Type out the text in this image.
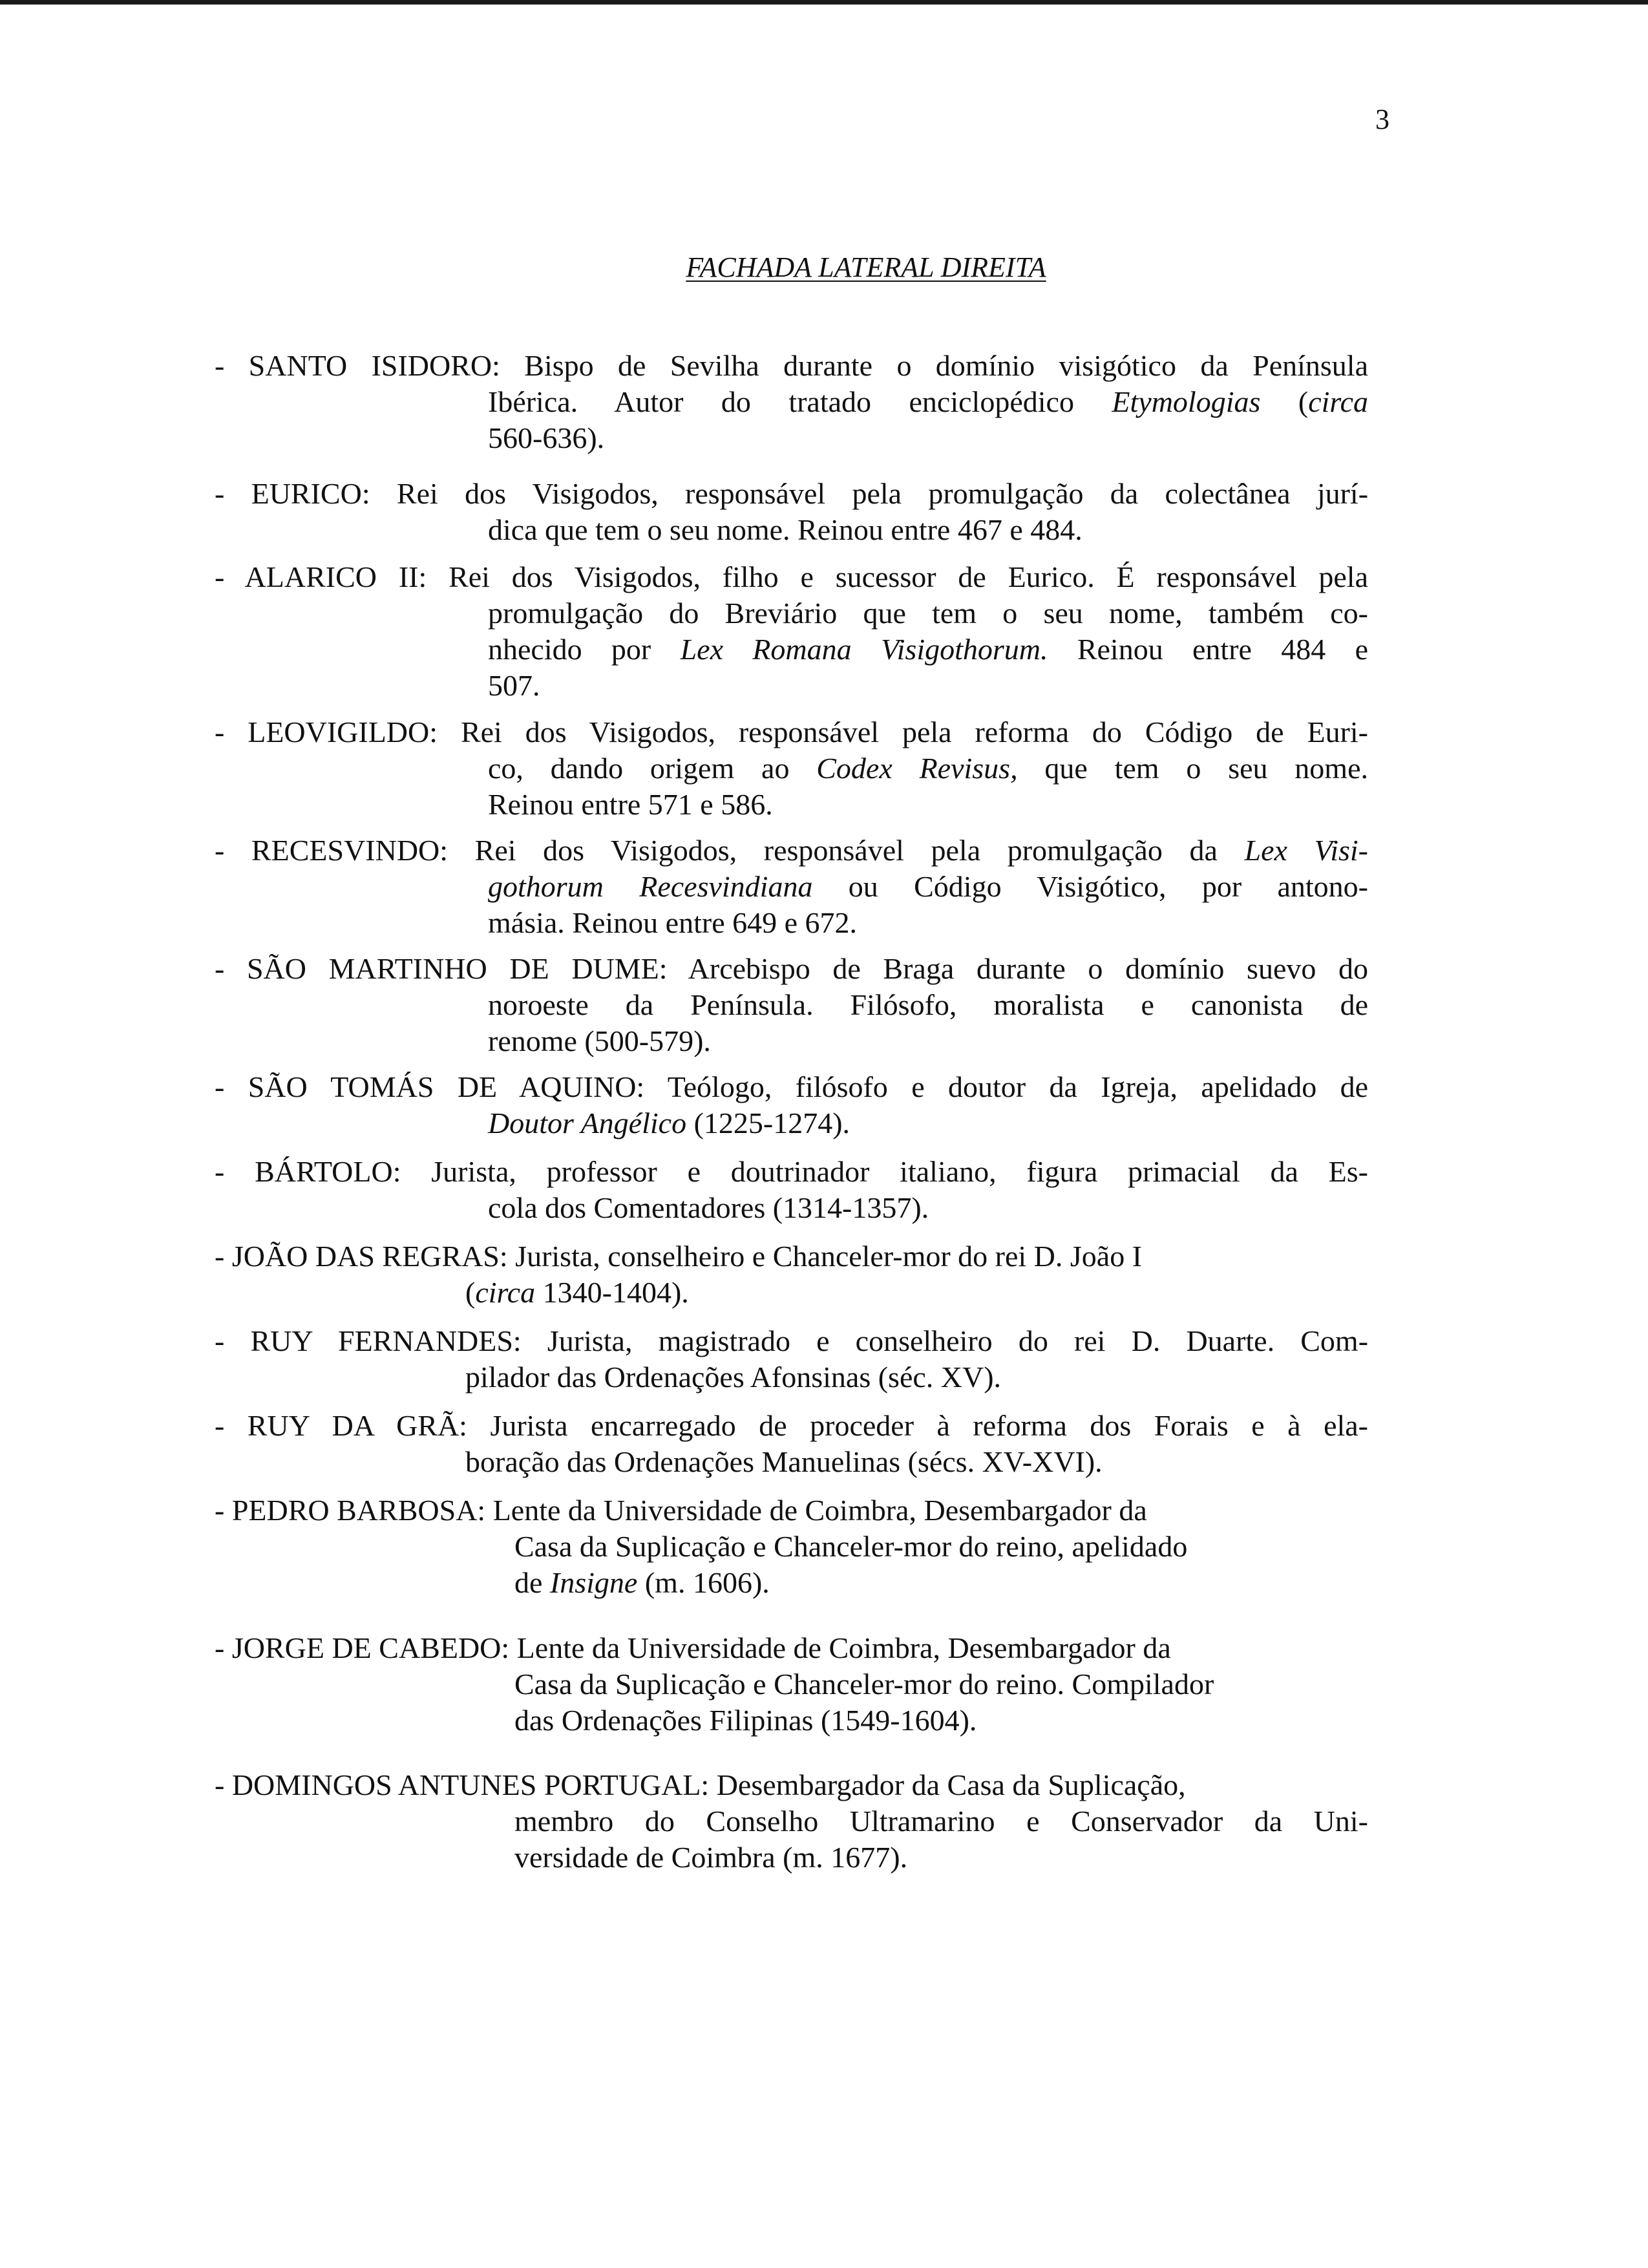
3
FACHADA LATERAL DIREITA
- SANTO ISIDORO: Bispo de Sevilha durante o domínio visigótico da Península
Ibérica. Autor do tratado enciclopédico Etymologias (circa
560-636).
- EURICO: Rei dos Visigodos, responsável pela promulgação da colectânea jurí-
dica que tem o seu nome. Reinou entre 467 e 484.
- ALARICO II: Rei dos Visigodos, filho e sucessor de Eurico. É responsável pela
promulgação do Breviário que tem o seu nome, também co-
nhecido por Lex Romana Visigothorum. Reinou entre 484 e
507.
- LEOVIGILDO: Rei dos Visigodos, responsável pela reforma do Código de Euri-
co, dando origem ao Codex Revisus, que tem o seu nome.
Reinou entre 571 e 586.
- RECESVINDO: Rei dos Visigodos, responsável pela promulgação da Lex Visi-
gothorum Recesvindiana ou Código Visigótico, por antono-
másia. Reinou entre 649 e 672.
- SÃO MARTINHO DE DUME: Arcebispo de Braga durante o domínio suevo do
noroeste da Península. Filósofo, moralista e canonista de
renome (500-579).
- SÃO TOMÁS DE AQUINO: Teólogo, filósofo e doutor da Igreja, apelidado de
Doutor Angélico (1225-1274).
- BÁRTOLO: Jurista, professor e doutrinador italiano, figura primacial da Es-
cola dos Comentadores (1314-1357).
- JOÃO DAS REGRAS: Jurista, conselheiro e Chanceler-mor do rei D. João I
(circa 1340-1404).
- RUY FERNANDES: Jurista, magistrado e conselheiro do rei D. Duarte. Com-
pilador das Ordenações Afonsinas (séc. XV).
- RUY DA GRÃ: Jurista encarregado de proceder à reforma dos Forais e à ela-
boração das Ordenações Manuelinas (sécs. XV-XVI).
- PEDRO BARBOSA: Lente da Universidade de Coimbra, Desembargador da
Casa da Suplicação e Chanceler-mor do reino, apelidado
de Insigne (m. 1606).
- JORGE DE CABEDO: Lente da Universidade de Coimbra, Desembargador da
Casa da Suplicação e Chanceler-mor do reino. Compilador
das Ordenações Filipinas (1549-1604).
- DOMINGOS ANTUNES PORTUGAL: Desembargador da Casa da Suplicação,
membro do Conselho Ultramarino e Conservador da Uni-
versidade de Coimbra (m. 1677).
